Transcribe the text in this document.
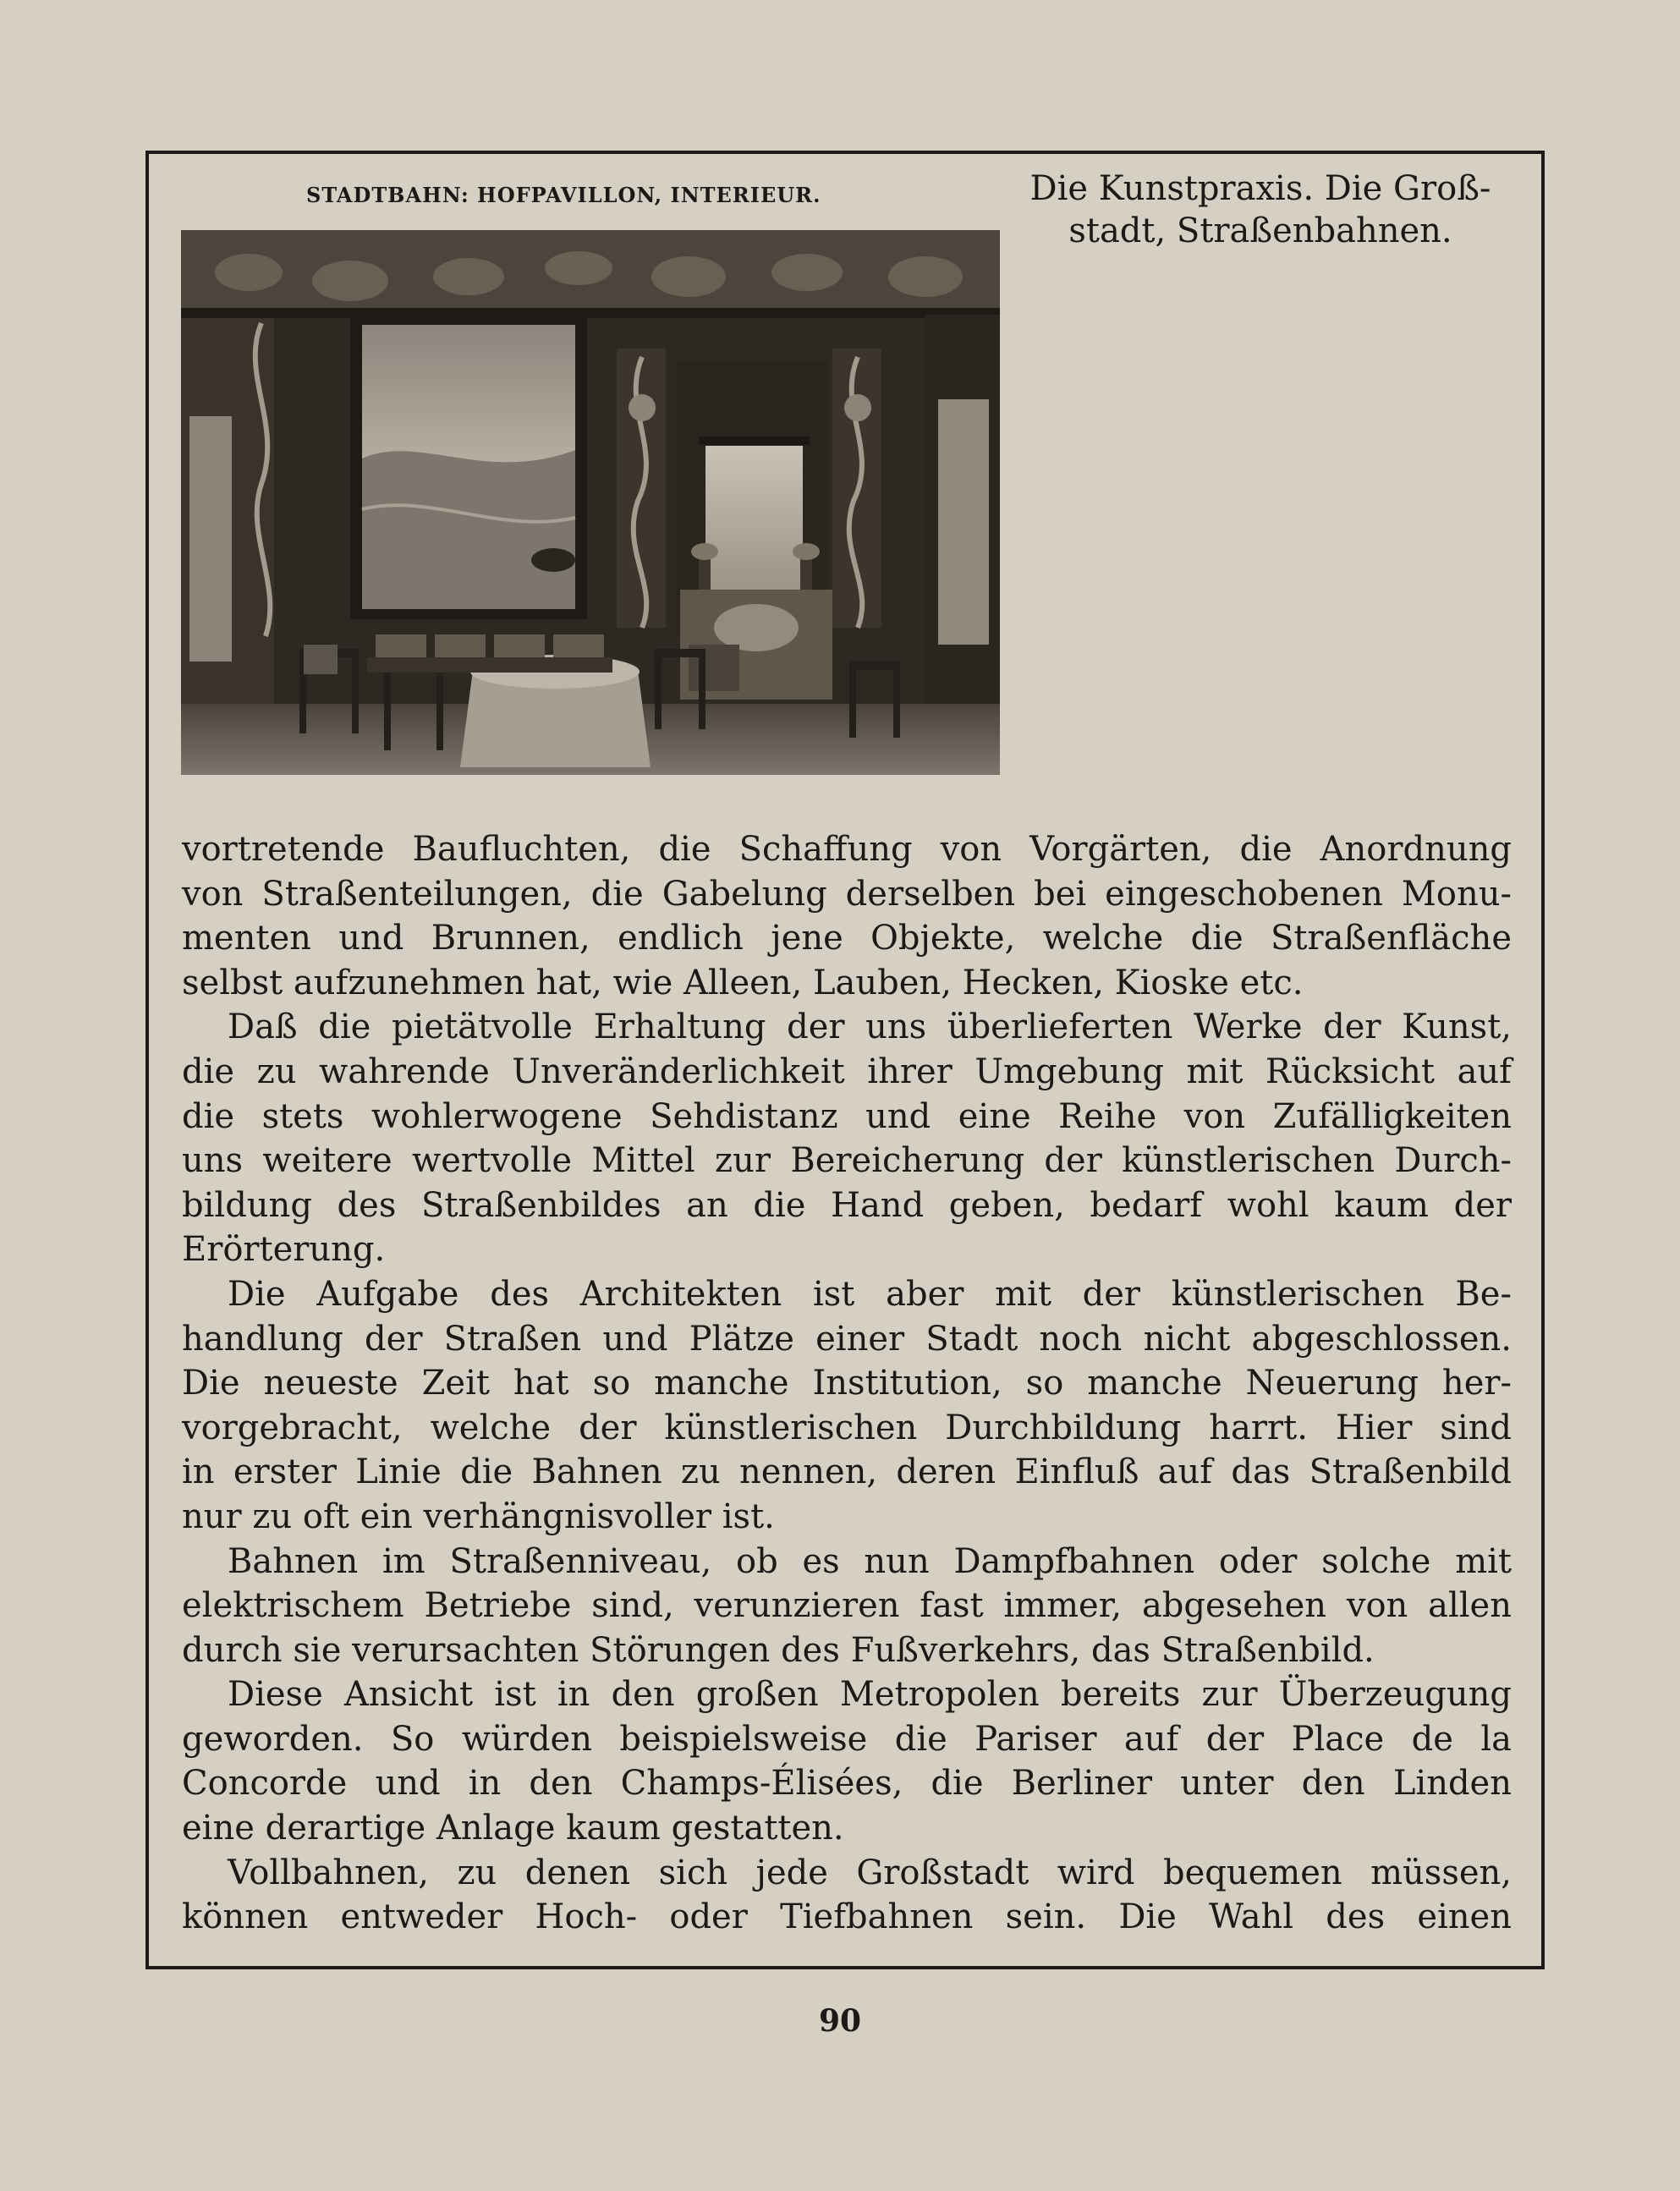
STADTBAHN: HOFPAVILLON, INTERIEUR.	Die Kunstpraxis. Die Groß-
stadt, Straßenbahnen.
vortretende Baufluchten, die Schaffung von Vorgärten, die Anordnung
von Straßenteilungen, die Gabelung derselben bei eingeschobenen Monu-
menten und Brunnen, endlich jene Objekte, welche die Straßenfläche
selbst aufzunehmen hat, wie Alleen, Lauben, Hecken, Kioske etc.
Daß die pietätvolle Erhaltung der uns überlieferten Werke der Kunst,
die zu wahrende Unveränderlichkeit ihrer Umgebung mit Rücksicht auf
die stets wohlerwogene Sehdistanz und eine Reihe von Zufälligkeiten
uns weitere wertvolle Mittel zur Bereicherung der künstlerischen Durch-
bildung des Straßenbildes an die Hand geben, bedarf wohl kaum der
Erörterung.
Die Aufgabe des Architekten ist aber mit der künstlerischen Be-
handlung der Straßen und Plätze einer Stadt noch nicht abgeschlossen.
Die neueste Zeit hat so manche Institution, so manche Neuerung her-
vorgebracht, welche der künstlerischen Durchbildung harrt. Hier sind
in erster Linie die Bahnen zu nennen, deren Einfluß auf das Straßenbild
nur zu oft ein verhängnisvoller ist.
Bahnen im Straßenniveau, ob es nun Dampfbahnen oder solche mit
elektrischem Betriebe sind, verunzieren fast immer, abgesehen von allen
durch sie verursachten Störungen des Fußverkehrs, das Straßenbild.
Diese Ansicht ist in den großen Metropolen bereits zur Überzeugung
geworden. So würden beispielsweise die Pariser auf der Place de la
Concorde und in den Champs-Élisées, die Berliner unter den Linden
eine derartige Anlage kaum gestatten.
Vollbahnen, zu denen sich jede Großstadt wird bequemen müssen,
können entweder Hoch- oder Tiefbahnen sein. Die Wahl des einen
90
